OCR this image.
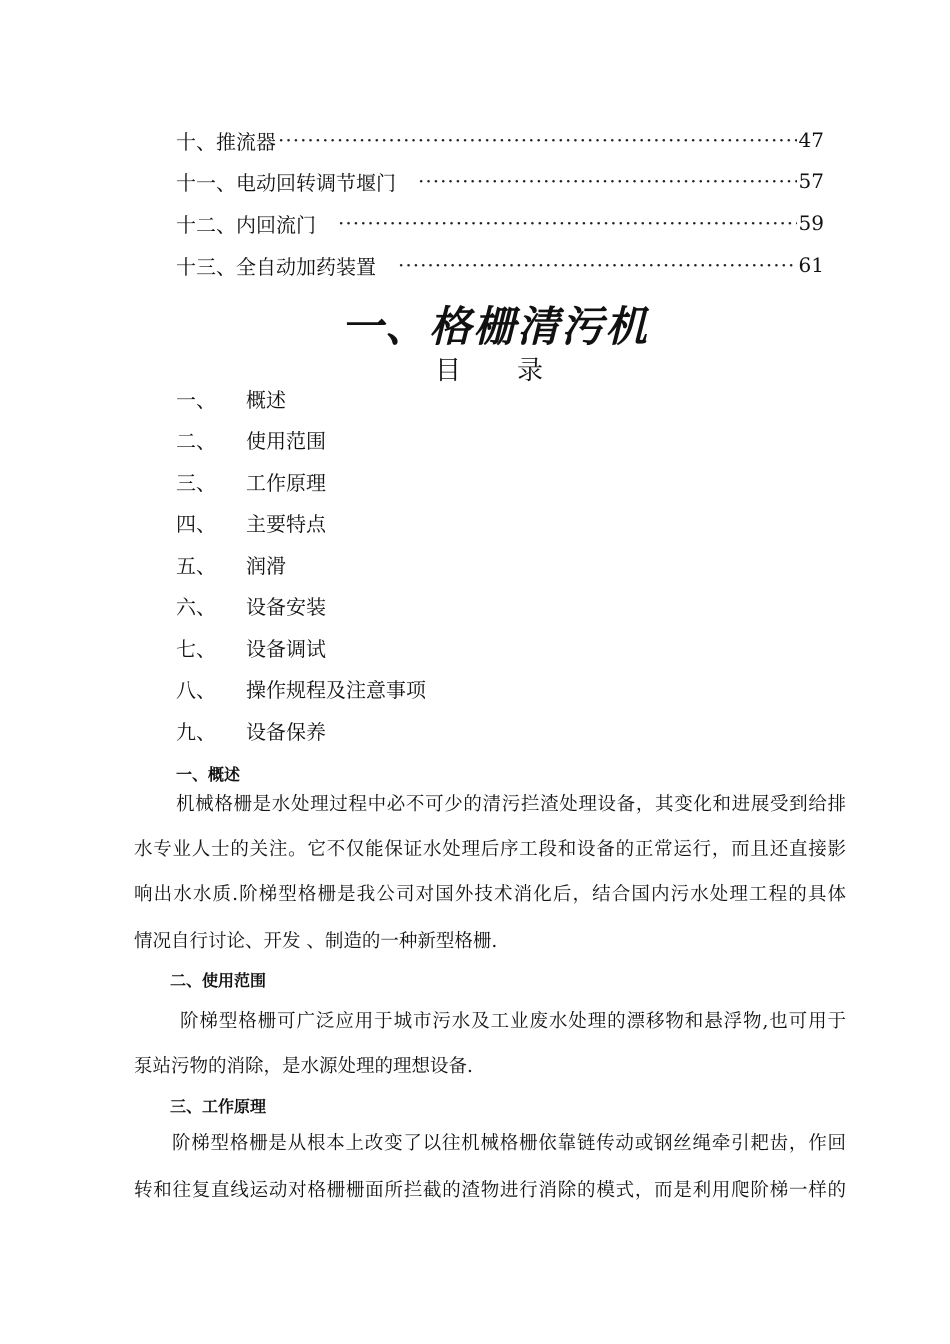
十、推流器 ·····	47
十一、电动回转调节堰门 ·····	57
十二、内回流门 ·····	59
十三、全自动加药装置 ·····	61
一、格栅清污机
目录
一、	概述
二、	使用范围
三、	工作原理
四、	主要特点
五、	润滑
六、	设备安装
七、	设备调试
八、	操作规程及注意事项
九、	设备保养
一、概述
机械格栅是水处理过程中必不可少的清污拦渣处理设备，其变化和进展受到给排
水专业人士的关注。它不仅能保证水处理后序工段和设备的正常运行，而且还直接影
响出水水质.阶梯型格栅是我公司对国外技术消化后，结合国内污水处理工程的具体
情况自行讨论、开发 、制造的一种新型格栅.
二、使用范围
阶梯型格栅可广泛应用于城市污水及工业废水处理的漂移物和悬浮物,也可用于
泵站污物的消除，是水源处理的理想设备.
三、工作原理
阶梯型格栅是从根本上改变了以往机械格栅依靠链传动或钢丝绳牵引耙齿，作回
转和往复直线运动对格栅栅面所拦截的渣物进行消除的模式，而是利用爬阶梯一样的
